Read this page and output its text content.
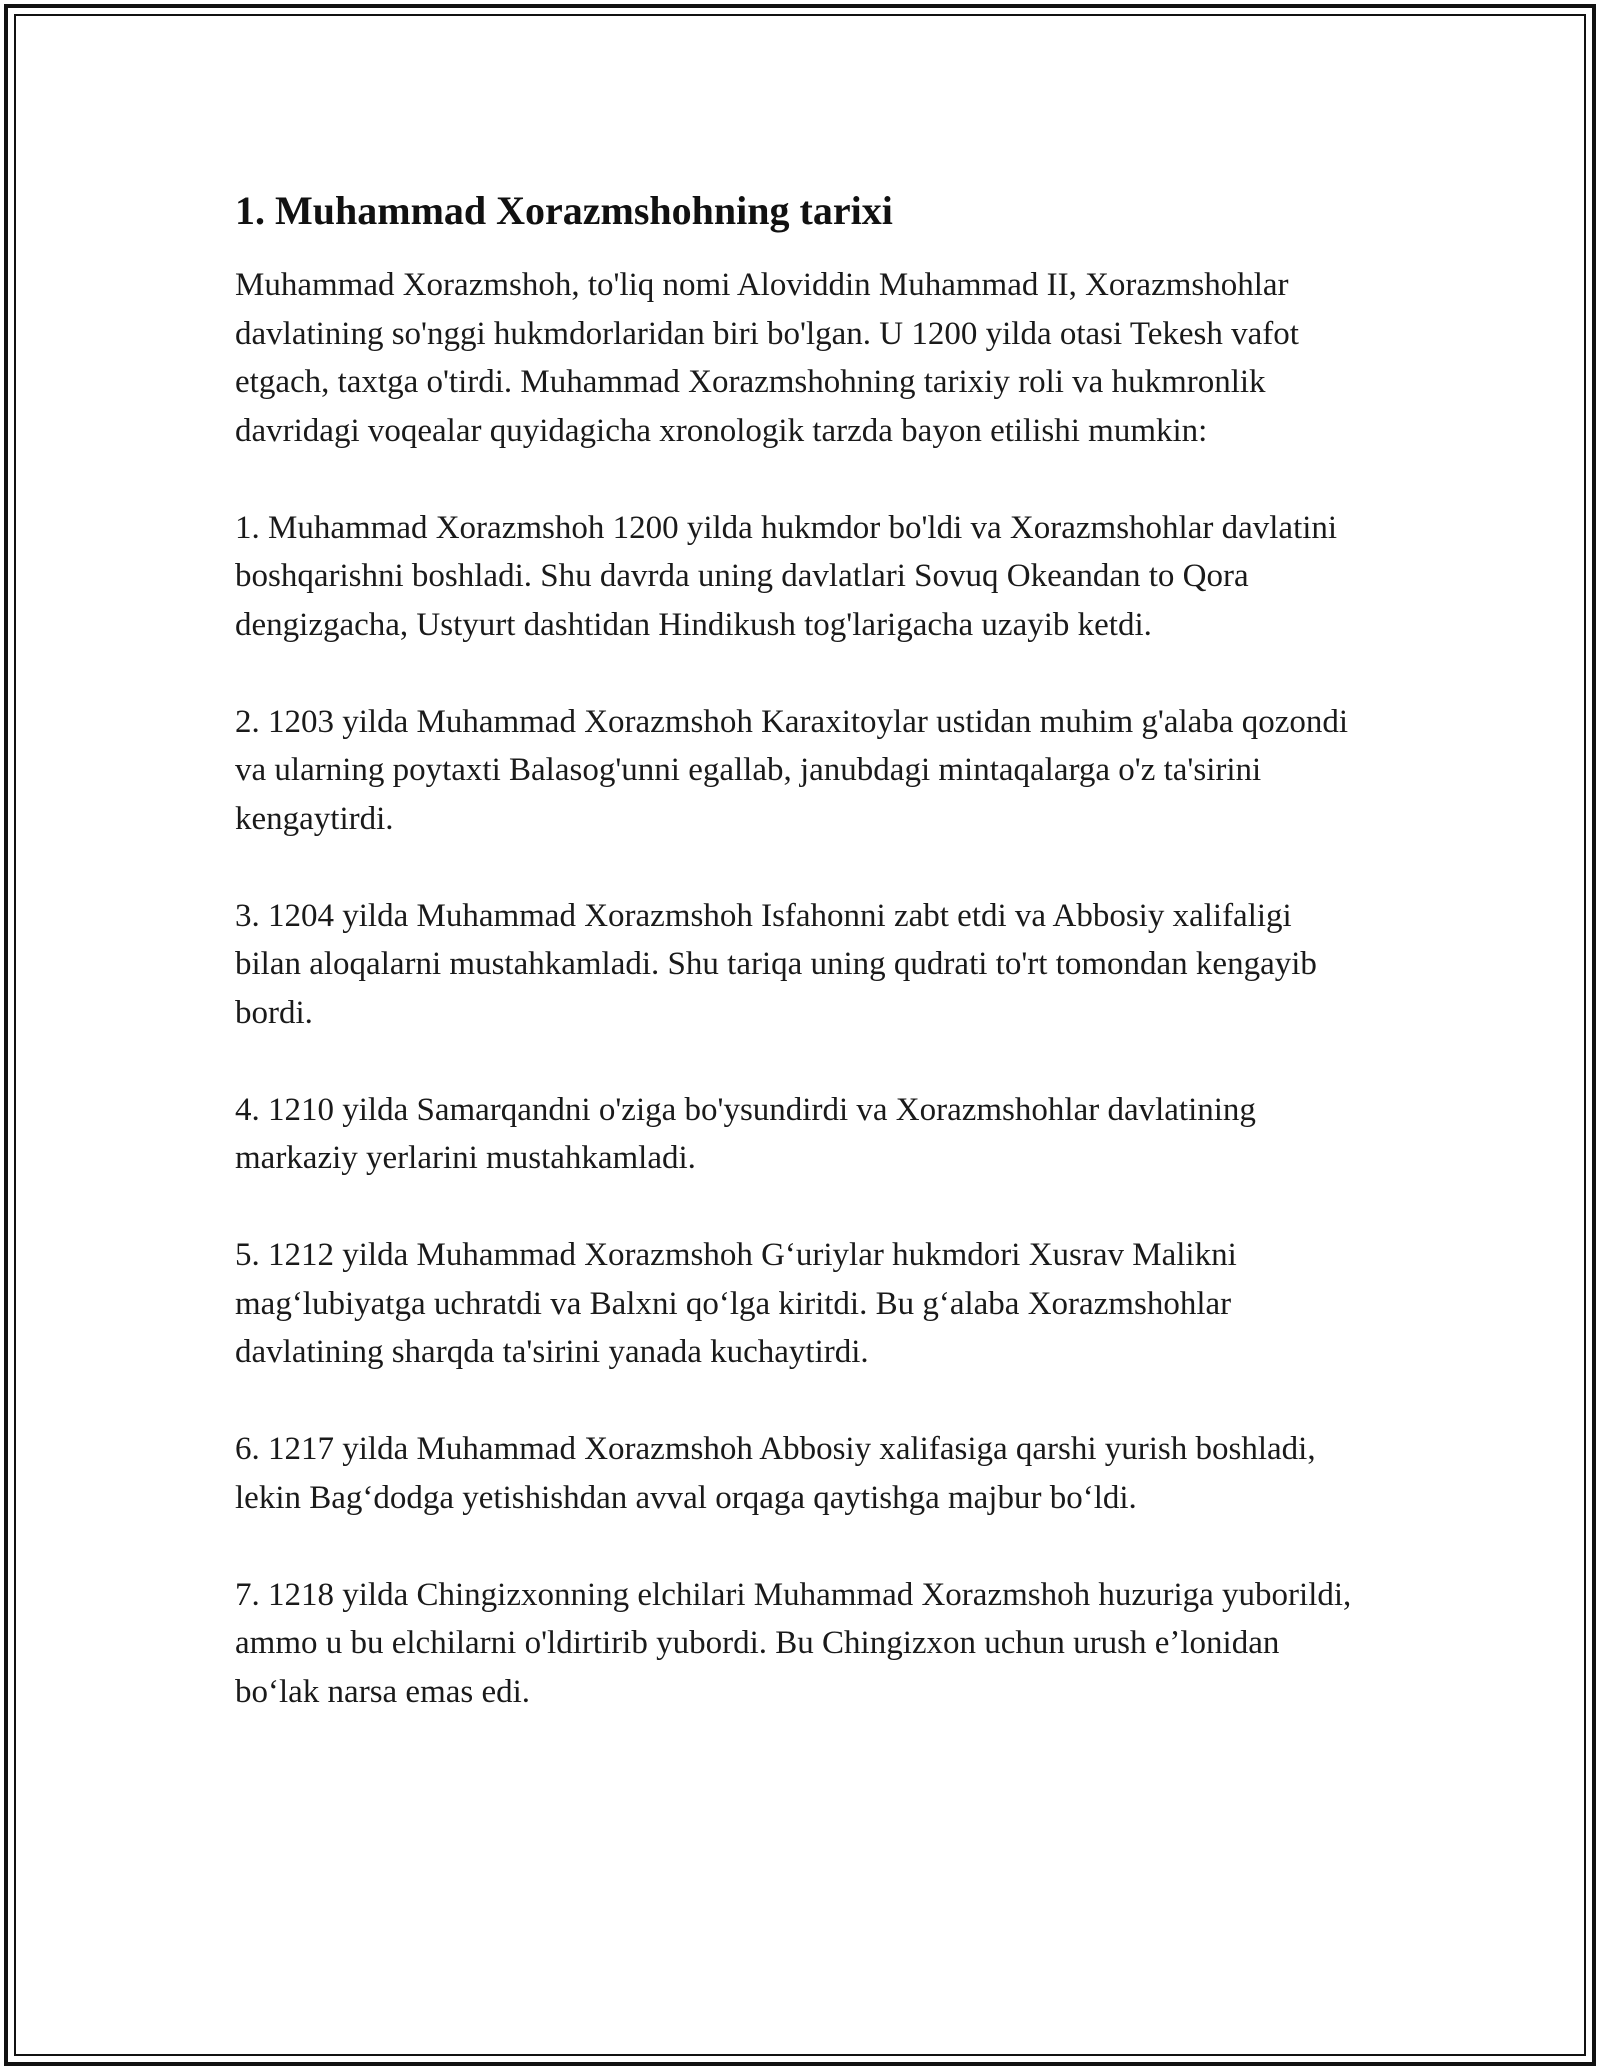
1. Muhammad Xorazmshohning tarixi

Muhammad Xorazmshoh, to'liq nomi Aloviddin Muhammad II, Xorazmshohlar davlatining so'nggi hukmdorlaridan biri bo'lgan. U 1200 yilda otasi Tekesh vafot etgach, taxtga o'tirdi. Muhammad Xorazmshohning tarixiy roli va hukmronlik davridagi voqealar quyidagicha xronologik tarzda bayon etilishi mumkin:

1. Muhammad Xorazmshoh 1200 yilda hukmdor bo'ldi va Xorazmshohlar davlatini boshqarishni boshladi. Shu davrda uning davlatlari Sovuq Okeandan to Qora dengizgacha, Ustyurt dashtidan Hindikush tog'larigacha uzayib ketdi.

2. 1203 yilda Muhammad Xorazmshoh Karaxitoylar ustidan muhim g'alaba qozondi va ularning poytaxti Balasog'unni egallab, janubdagi mintaqalarga o'z ta'sirini kengaytirdi.

3. 1204 yilda Muhammad Xorazmshoh Isfahonni zabt etdi va Abbosiy xalifaligi bilan aloqalarni mustahkamladi. Shu tariqa uning qudrati to'rt tomondan kengayib bordi.

4. 1210 yilda Samarqandni o'ziga bo'ysundirdi va Xorazmshohlar davlatining markaziy yerlarini mustahkamladi.

5. 1212 yilda Muhammad Xorazmshoh Gʻuriylar hukmdori Xusrav Malikni magʻlubiyatga uchratdi va Balxni qoʻlga kiritdi. Bu gʻalaba Xorazmshohlar davlatining sharqda ta'sirini yanada kuchaytirdi.

6. 1217 yilda Muhammad Xorazmshoh Abbosiy xalifasiga qarshi yurish boshladi, lekin Bagʻdodga yetishishdan avval orqaga qaytishga majbur boʻldi.

7. 1218 yilda Chingizxonning elchilari Muhammad Xorazmshoh huzuriga yuborildi, ammo u bu elchilarni o'ldirtirib yubordi. Bu Chingizxon uchun urush eʼlonidan boʻlak narsa emas edi.
